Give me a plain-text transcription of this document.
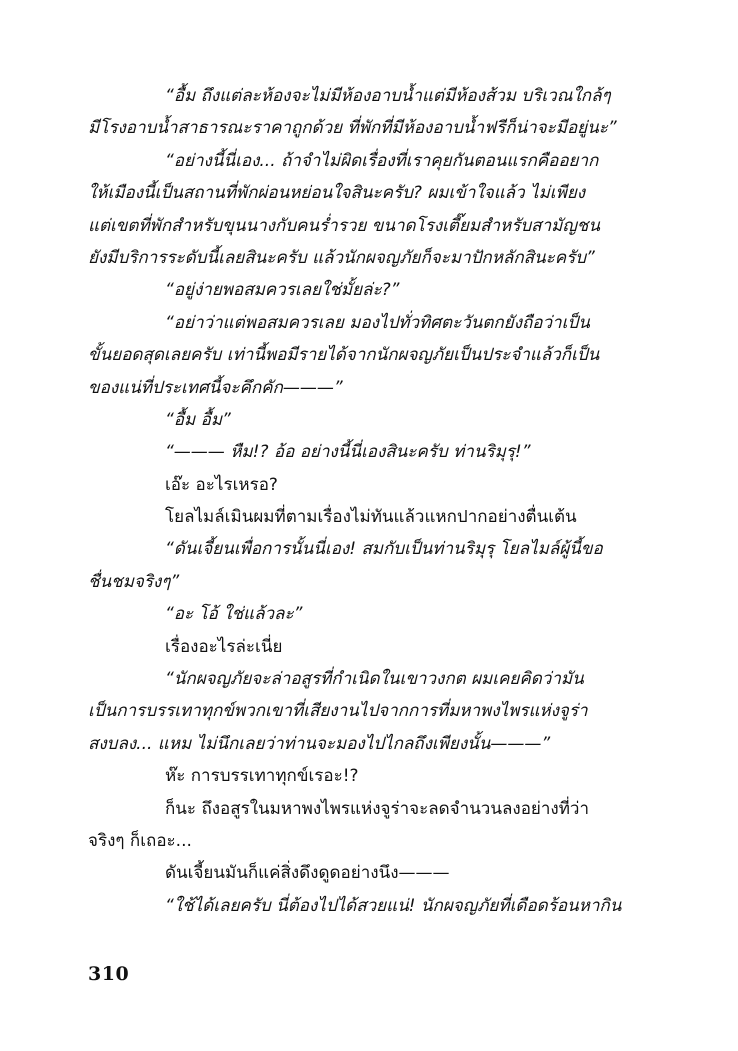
“อื้ม ถึงแต่ละห้องจะไม่มีห้องอาบน้ำแต่มีห้องส้วม บริเวณใกล้ๆ
มีโรงอาบน้ำสาธารณะราคาถูกด้วย ที่พักที่มีห้องอาบน้ำฟรีก็น่าจะมีอยู่นะ”
“อย่างนี้นี่เอง... ถ้าจำไม่ผิดเรื่องที่เราคุยกันตอนแรกคืออยาก
ให้เมืองนี้เป็นสถานที่พักผ่อนหย่อนใจสินะครับ? ผมเข้าใจแล้ว ไม่เพียง
แต่เขตที่พักสำหรับขุนนางกับคนร่ำรวย ขนาดโรงเตี๊ยมสำหรับสามัญชน
ยังมีบริการระดับนี้เลยสินะครับ แล้วนักผจญภัยก็จะมาปักหลักสินะครับ”
“อยู่ง่ายพอสมควรเลยใช่มั้ยล่ะ?”
“อย่าว่าแต่พอสมควรเลย มองไปทั่วทิศตะวันตกยังถือว่าเป็น
ขั้นยอดสุดเลยครับ เท่านี้พอมีรายได้จากนักผจญภัยเป็นประจำแล้วก็เป็น
ของแน่ที่ประเทศนี้จะคึกคัก———”
“อื้ม อื้ม”
“——— หืม!? อ้อ อย่างนี้นี่เองสินะครับ ท่านริมุรุ!”
เอ๊ะ อะไรเหรอ?
โยลไมล์เมินผมที่ตามเรื่องไม่ทันแล้วแหกปากอย่างตื่นเต้น
“ดันเจี้ยนเพื่อการนั้นนี่เอง! สมกับเป็นท่านริมุรุ โยลไมล์ผู้นี้ขอ
ชื่นชมจริงๆ”
“อะ โอ้ ใช่แล้วละ”
เรื่องอะไรล่ะเนี่ย
“นักผจญภัยจะล่าอสูรที่กำเนิดในเขาวงกต ผมเคยคิดว่ามัน
เป็นการบรรเทาทุกข์พวกเขาที่เสียงานไปจากการที่มหาพงไพรแห่งจูร่า
สงบลง... แหม ไม่นึกเลยว่าท่านจะมองไปไกลถึงเพียงนั้น———”
ห๊ะ การบรรเทาทุกข์เรอะ!?
ก็นะ ถึงอสูรในมหาพงไพรแห่งจูร่าจะลดจำนวนลงอย่างที่ว่า
จริงๆ ก็เถอะ...
ดันเจี้ยนมันก็แค่สิ่งดึงดูดอย่างนึง———
“ใช้ได้เลยครับ นี่ต้องไปได้สวยแน่! นักผจญภัยที่เดือดร้อนหากิน
310
